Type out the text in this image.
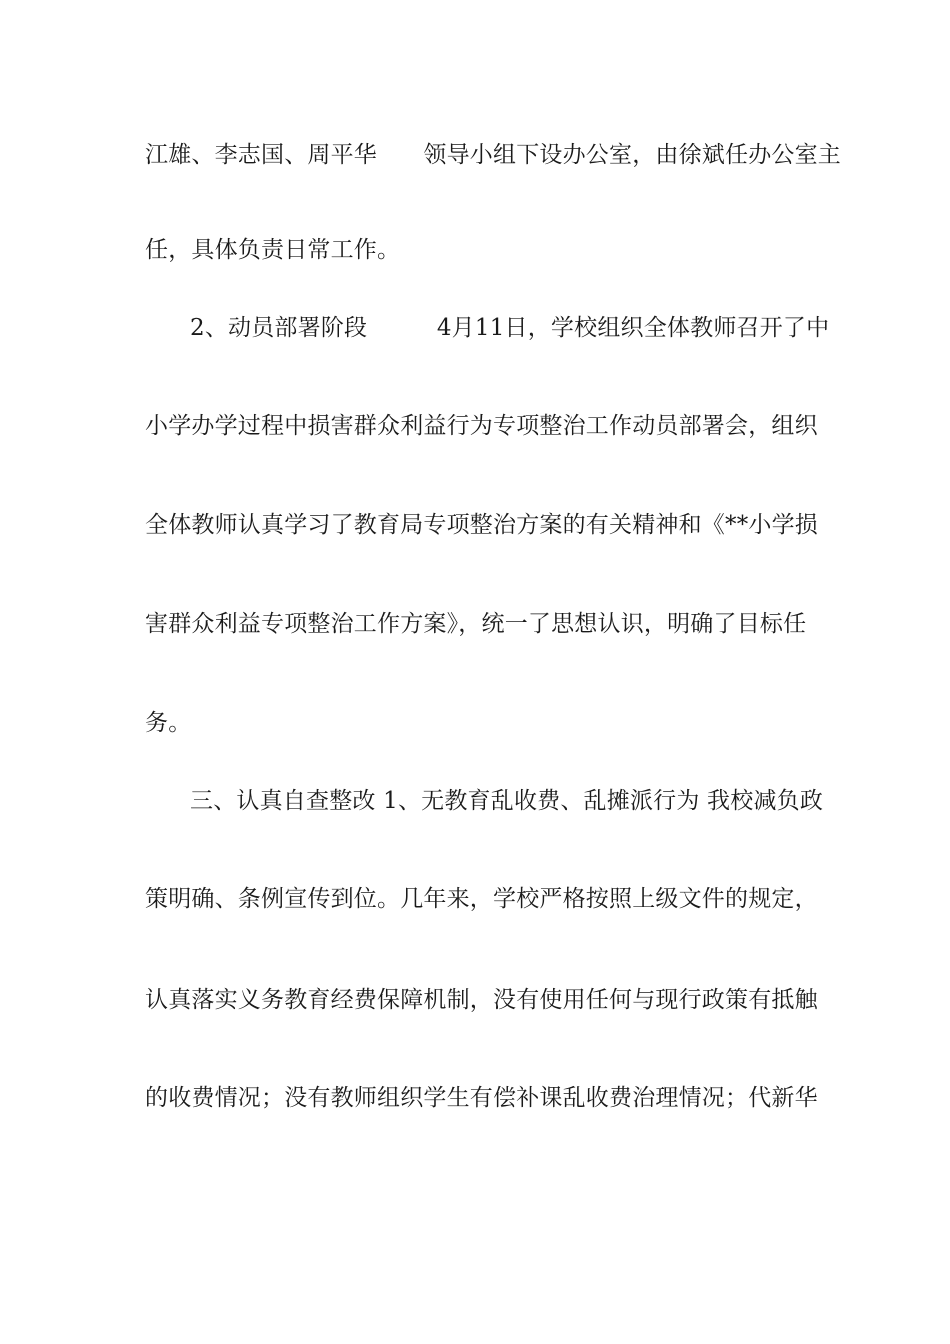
江雄、李志国、周平华　　领导小组下设办公室，由徐斌任办公室主
任，具体负责日常工作。
2、动员部署阶段　　　4月11日，学校组织全体教师召开了中
小学办学过程中损害群众利益行为专项整治工作动员部署会，组织
全体教师认真学习了教育局专项整治方案的有关精神和《**小学损
害群众利益专项整治工作方案》，统一了思想认识，明确了目标任
务。
三、认真自查整改 1、无教育乱收费、乱摊派行为 我校减负政
策明确、条例宣传到位。几年来，学校严格按照上级文件的规定，
认真落实义务教育经费保障机制，没有使用任何与现行政策有抵触
的收费情况；没有教师组织学生有偿补课乱收费治理情况；代新华
